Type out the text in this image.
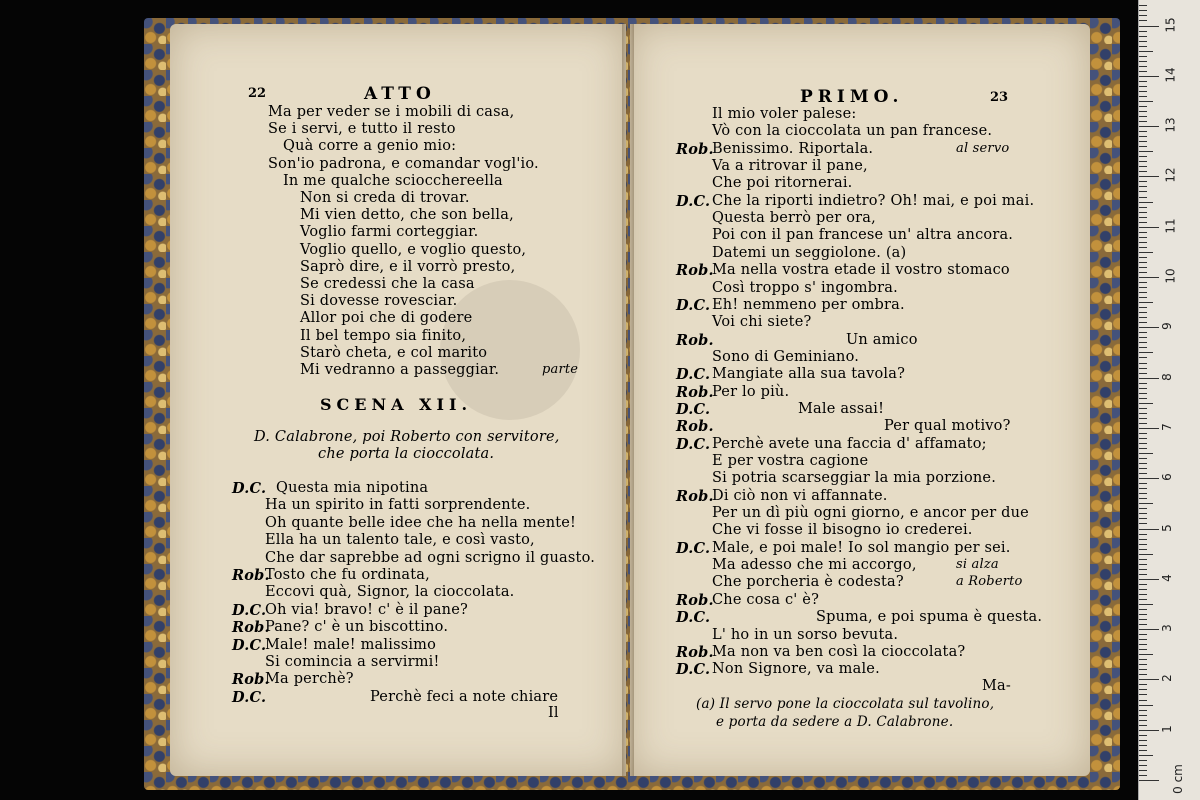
22	ATTO
Ma per veder se i mobili di casa,
Se i servi, e tutto il resto
Quà corre a genio mio:
Son'io padrona, e comandar vogl'io.
In me qualche sciocchereella
Non si creda di trovar.
Mi vien detto, che son bella,
Voglio farmi corteggiar.
Voglio quello, e voglio questo,
Saprò dire, e il vorrò presto,
Se credessi che la casa
Si dovesse rovesciar.
Allor poi che di godere
Il bel tempo sia finito,
Starò cheta, e col marito
Mi vedranno a passeggiar.	parte
SCENA XII.
D. Calabrone, poi Roberto con servitore,
che porta la cioccolata.
D.C. Questa mia nipotina
Ha un spirito in fatti sorprendente.
Oh quante belle idee che ha nella mente!
Ella ha un talento tale, e così vasto,
Che dar saprebbe ad ogni scrigno il guasto.
Rob.
Tosto che fu ordinata,
Eccovi quà, Signor, la cioccolata.
D.C.
Oh via! bravo! c' è il pane?
Rob.
Pane? c' è un biscottino.
D.C.
Male! male! malissimo
Si comincia a servirmi!
Rob.
Ma perchè?
D.C.	Perchè feci a note chiare
Il
PRIMO.	23
Il mio voler palese:
Vò con la cioccolata un pan francese.
Rob.
Benissimo. Riportala.	al servo
Va a ritrovar il pane,
Che poi ritornerai.
D.C. Che la riporti indietro? Oh! mai, e poi mai.
Questa berrò per ora,
Poi con il pan francese un' altra ancora.
Datemi un seggiolone. (a)
Rob.
Ma nella vostra etade il vostro stomaco
Così troppo s' ingombra.
D.C. Eh! nemmeno per ombra.
Voi chi siete?
Rob.	Un amico
Sono di Geminiano.
D.C. Mangiate alla sua tavola?
Rob.
Per lo più.
D.C.	Male assai!
Rob.	Per qual motivo?
D.C. Perchè avete una faccia d' affamato;
E per vostra cagione
Si potria scarseggiar la mia porzione.
Rob.
Di ciò non vi affannate.
Per un dì più ogni giorno, e ancor per due
Che vi fosse il bisogno io crederei.
D.C. Male, e poi male! Io sol mangio per sei.
Ma adesso che mi accorgo,	si alza
Che porcheria è codesta?	a Roberto
Rob.
Che cosa c' è?
D.C.	Spuma, e poi spuma è questa.
L' ho in un sorso bevuta.
Rob.
Ma non va ben così la cioccolata?
D.C. Non Signore, va male.
Ma-
(a) Il servo pone la cioccolata sul tavolino,
e porta da sedere a D. Calabrone.
0 cm
1
2
3
4
5
6
7
8
9
10
11
12
13
14
15
